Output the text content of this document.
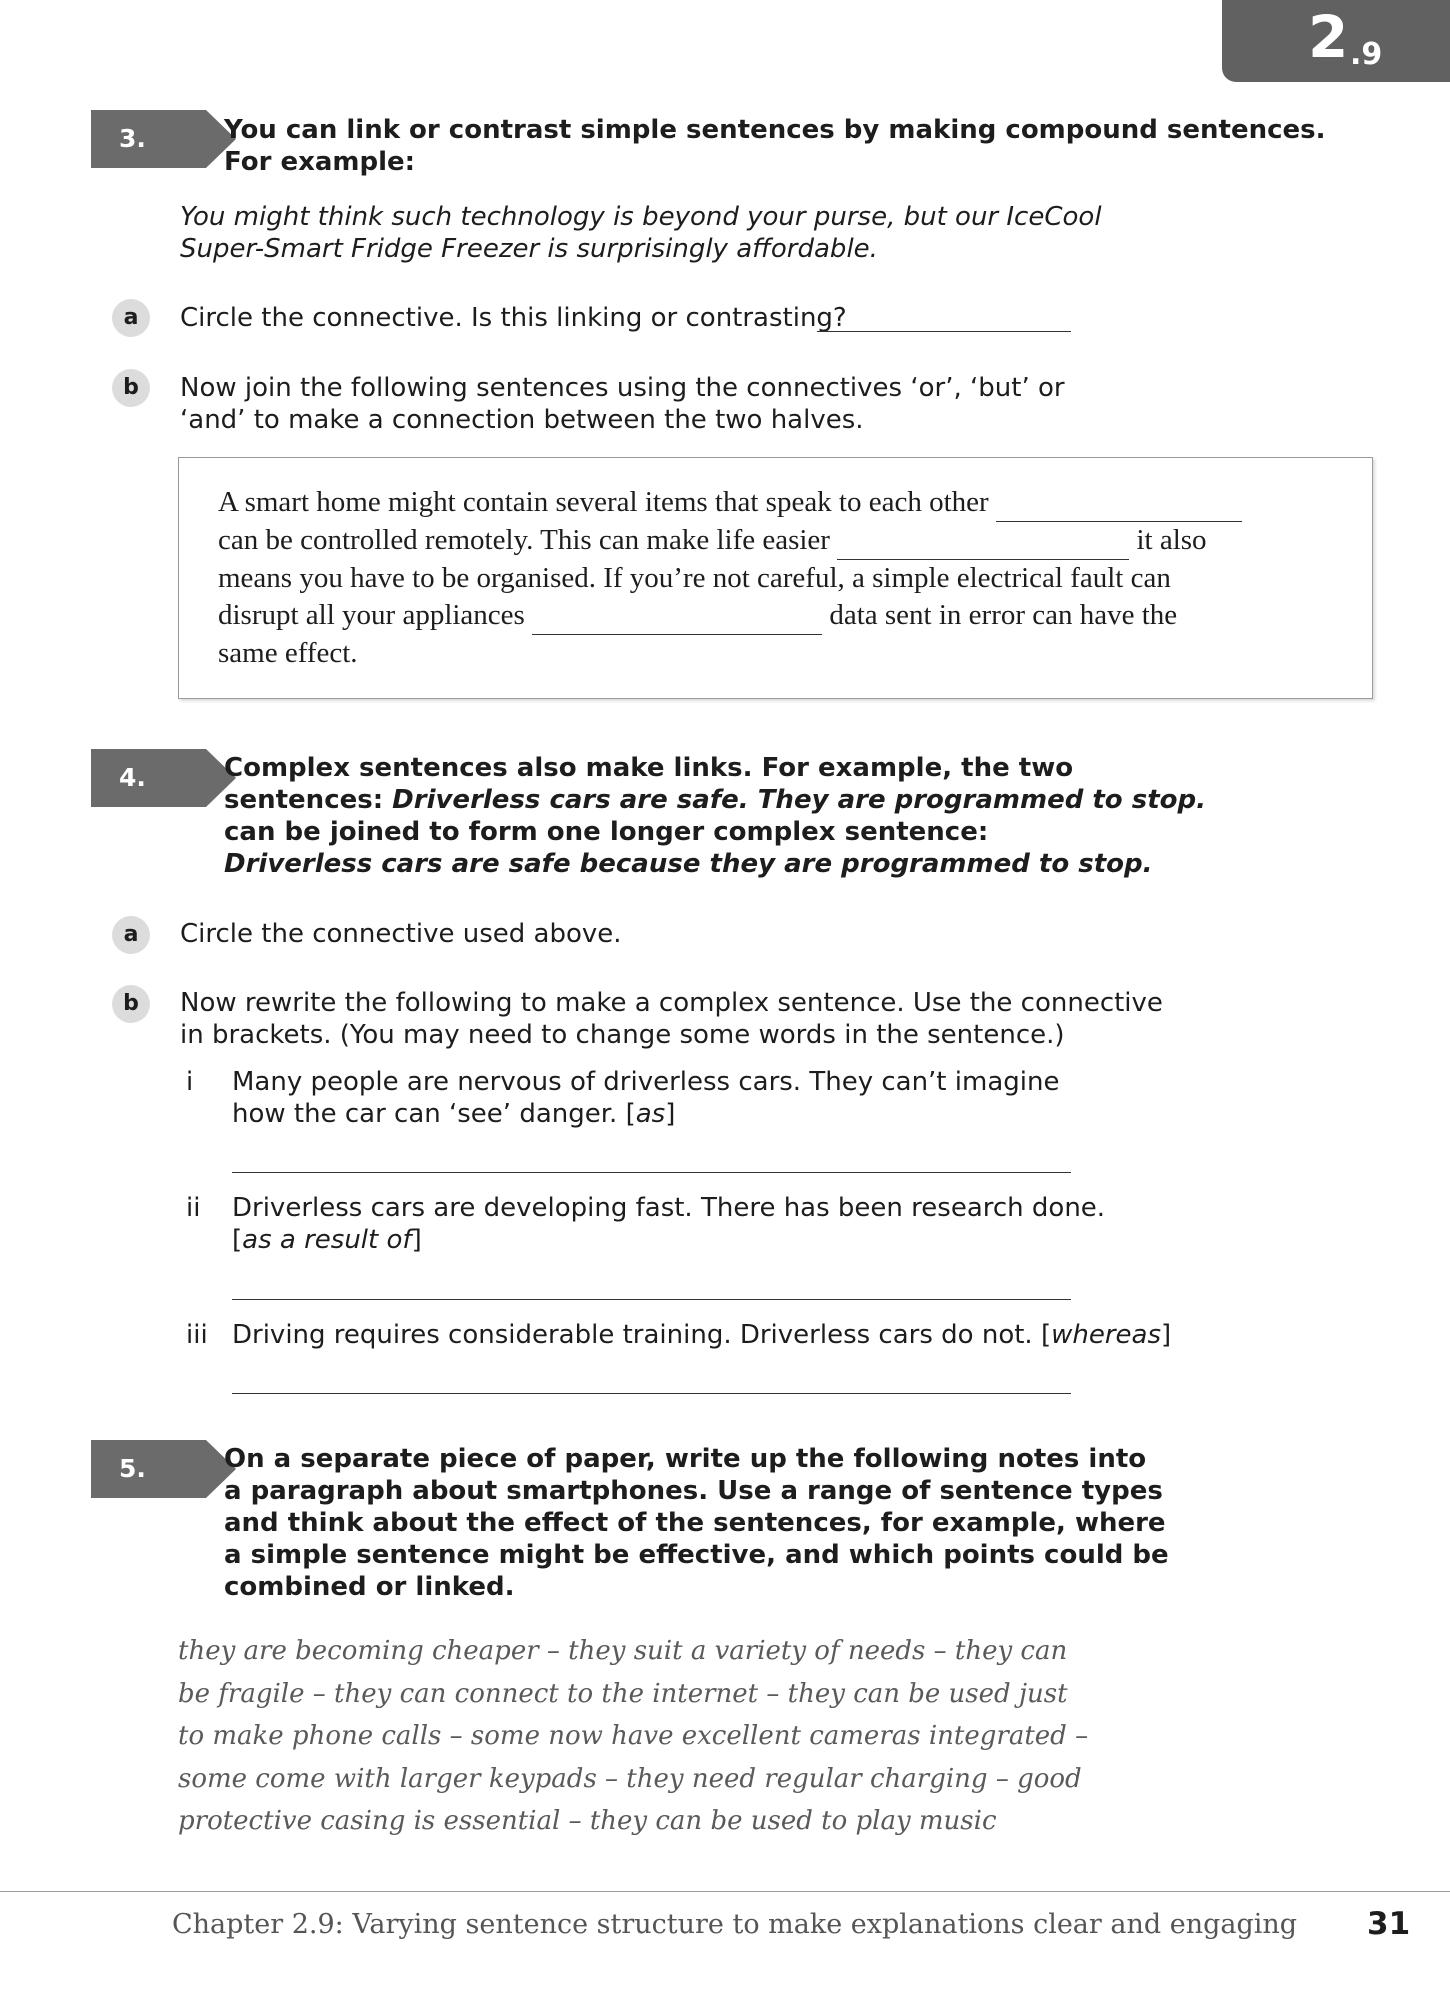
2 .9
3.	You can link or contrast simple sentences by making compound sentences.
For example:
You might think such technology is beyond your purse, but our IceCool
Super-Smart Fridge Freezer is surprisingly affordable.
a	Circle the connective. Is this linking or contrasting?
b	Now join the following sentences using the connectives ‘or’, ‘but’ or
‘and’ to make a connection between the two halves.
A smart home might contain several items that speak to each other
can be controlled remotely. This can make life easier	it also
means you have to be organised. If you’re not careful, a simple electrical fault can
disrupt all your appliances	data sent in error can have the
same effect.
4.	Complex sentences also make links. For example, the two
sentences: Driverless cars are safe. They are programmed to stop.
can be joined to form one longer complex sentence:
Driverless cars are safe because they are programmed to stop.
a	Circle the connective used above.
b	Now rewrite the following to make a complex sentence. Use the connective
in brackets. (You may need to change some words in the sentence.)
i Many people are nervous of driverless cars. They can’t imagine
how the car can ‘see’ danger. [as]
ii Driverless cars are developing fast. There has been research done.
[as a result of]
iii Driving requires considerable training. Driverless cars do not. [whereas]
5.	On a separate piece of paper, write up the following notes into
a paragraph about smartphones. Use a range of sentence types
and think about the effect of the sentences, for example, where
a simple sentence might be effective, and which points could be
combined or linked.
they are becoming cheaper – they suit a variety of needs – they can
be fragile – they can connect to the internet – they can be used just
to make phone calls – some now have excellent cameras integrated –
some come with larger keypads – they need regular charging – good
protective casing is essential – they can be used to play music
Chapter 2.9: Varying sentence structure to make explanations clear and engaging 31
